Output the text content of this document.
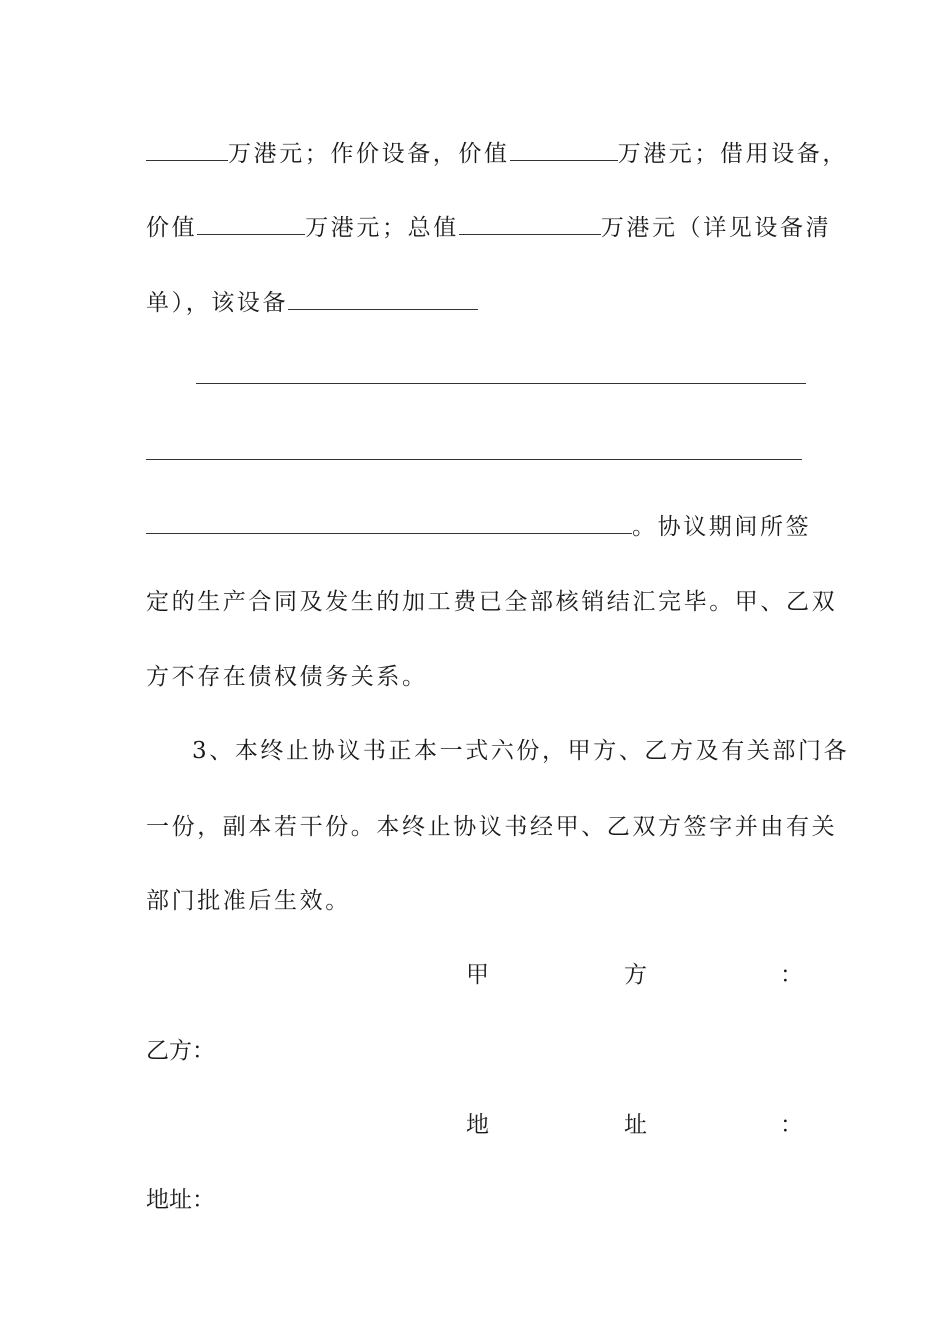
万港元；作价设备，价值	万港元；借用设备，
价值	万港元；总值	万港元（详见设备清
单），该设备
。协议期间所签
定的生产合同及发生的加工费已全部核销结汇完毕。甲、乙双
方不存在债权债务关系。
3、本终止协议书正本一式六份，甲方、乙方及有关部门各
一份，副本若干份。本终止协议书经甲、乙双方签字并由有关
部门批准后生效。
甲	方	：
乙方：
地	址	：
地址：
